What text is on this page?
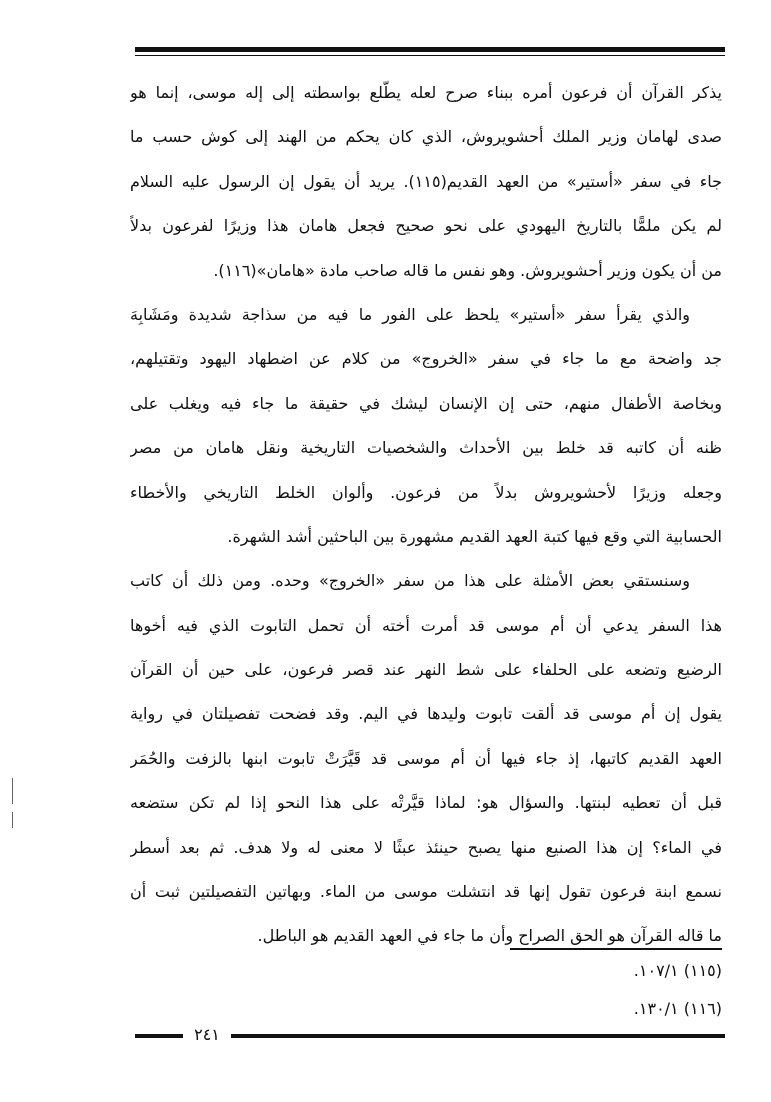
يذكر القرآن أن فرعون أمره ببناء صرح لعله يطّلع بواسطته إلى إله موسى، إنما هو
صدى لهامان وزير الملك أحشويروش، الذي كان يحكم من الهند إلى كوش حسب ما
جاء في سفر «أستير» من العهد القديم(١١٥). يريد أن يقول إن الرسول عليه السلام
لم يكن ملمًّا بالتاريخ اليهودي على نحو صحيح فجعل هامان هذا وزيرًا لفرعون بدلاً
من أن يكون وزير أحشويروش. وهو نفس ما قاله صاحب مادة «هامان»(١١٦).
والذي يقرأ سفر «أستير» يلحظ على الفور ما فيه من سذاجة شديدة ومَشَابِهَ
جد واضحة مع ما جاء في سفر «الخروج» من كلام عن اضطهاد اليهود وتقتيلهم،
وبخاصة الأطفال منهم، حتى إن الإنسان ليشك في حقيقة ما جاء فيه ويغلب على
ظنه أن كاتبه قد خلط بين الأحداث والشخصيات التاريخية ونقل هامان من مصر
وجعله وزيرًا لأحشويروش بدلاً من فرعون. وألوان الخلط التاريخي والأخطاء
الحسابية التي وقع فيها كتبة العهد القديم مشهورة بين الباحثين أشد الشهرة.
وسنستقي بعض الأمثلة على هذا من سفر «الخروج» وحده. ومن ذلك أن كاتب
هذا السفر يدعي أن أم موسى قد أمرت أخته أن تحمل التابوت الذي فيه أخوها
الرضيع وتضعه على الحلفاء على شط النهر عند قصر فرعون، على حين أن القرآن
يقول إن أم موسى قد ألقت تابوت وليدها في اليم. وقد فضحت تفصيلتان في رواية
العهد القديم كاتبها، إذ جاء فيها أن أم موسى قد قَيَّرَتْ تابوت ابنها بالزفت والحُمَر
قبل أن تعطيه لبنتها. والسؤال هو: لماذا قيَّرتْه على هذا النحو إذا لم تكن ستضعه
في الماء؟ إن هذا الصنيع منها يصبح حينئذ عبثًا لا معنى له ولا هدف. ثم بعد أسطر
نسمع ابنة فرعون تقول إنها قد انتشلت موسى من الماء. وبهاتين التفصيلتين ثبت أن
ما قاله القرآن هو الحق الصراح وأن ما جاء في العهد القديم هو الباطل.
(١١٥) ١٠٧/١.
(١١٦) ١٣٠/١.
٢٤١
